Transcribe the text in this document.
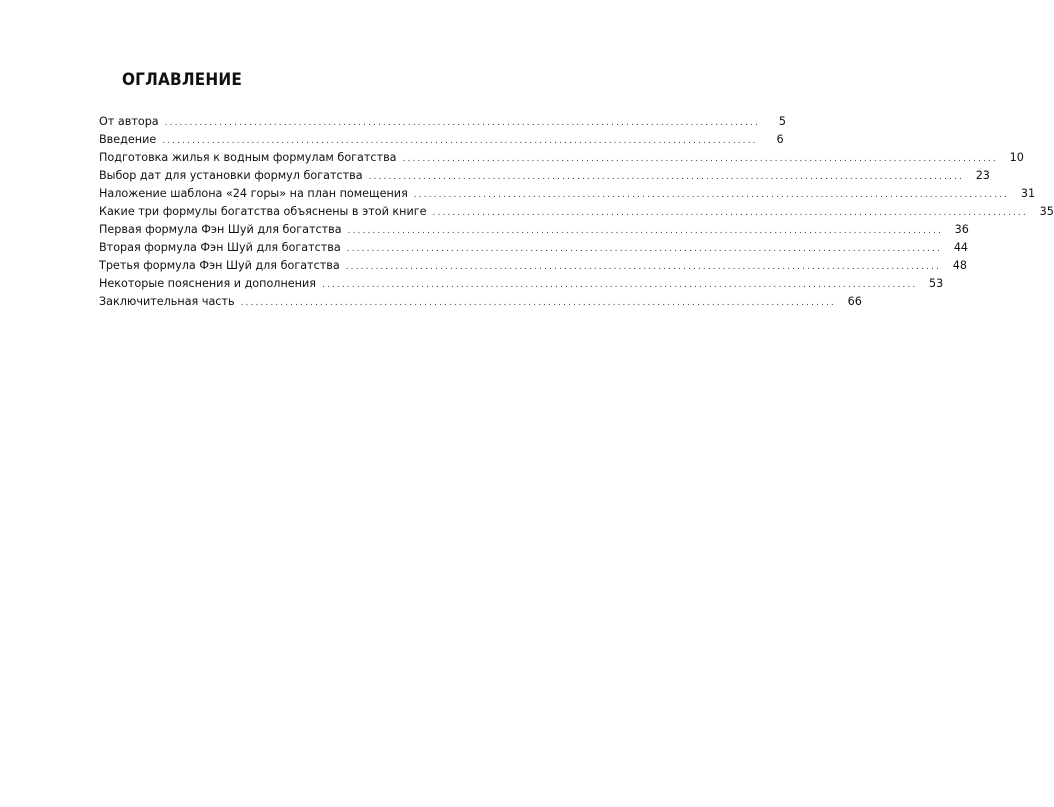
ОГЛАВЛЕНИЕ
От автора ........................................................................................................................	5
Введение ........................................................................................................................	6
Подготовка жилья к водным формулам богатства ........................................................................................................................	10
Выбор дат для установки формул богатства ........................................................................................................................	23
Наложение шаблона «24 горы» на план помещения ........................................................................................................................	31
Какие три формулы богатства объяснены в этой книге ........................................................................................................................	35
Первая формула Фэн Шуй для богатства ........................................................................................................................	36
Вторая формула Фэн Шуй для богатства ........................................................................................................................	44
Третья формула Фэн Шуй для богатства ........................................................................................................................	48
Некоторые пояснения и дополнения ........................................................................................................................	53
Заключительная часть ........................................................................................................................	66
